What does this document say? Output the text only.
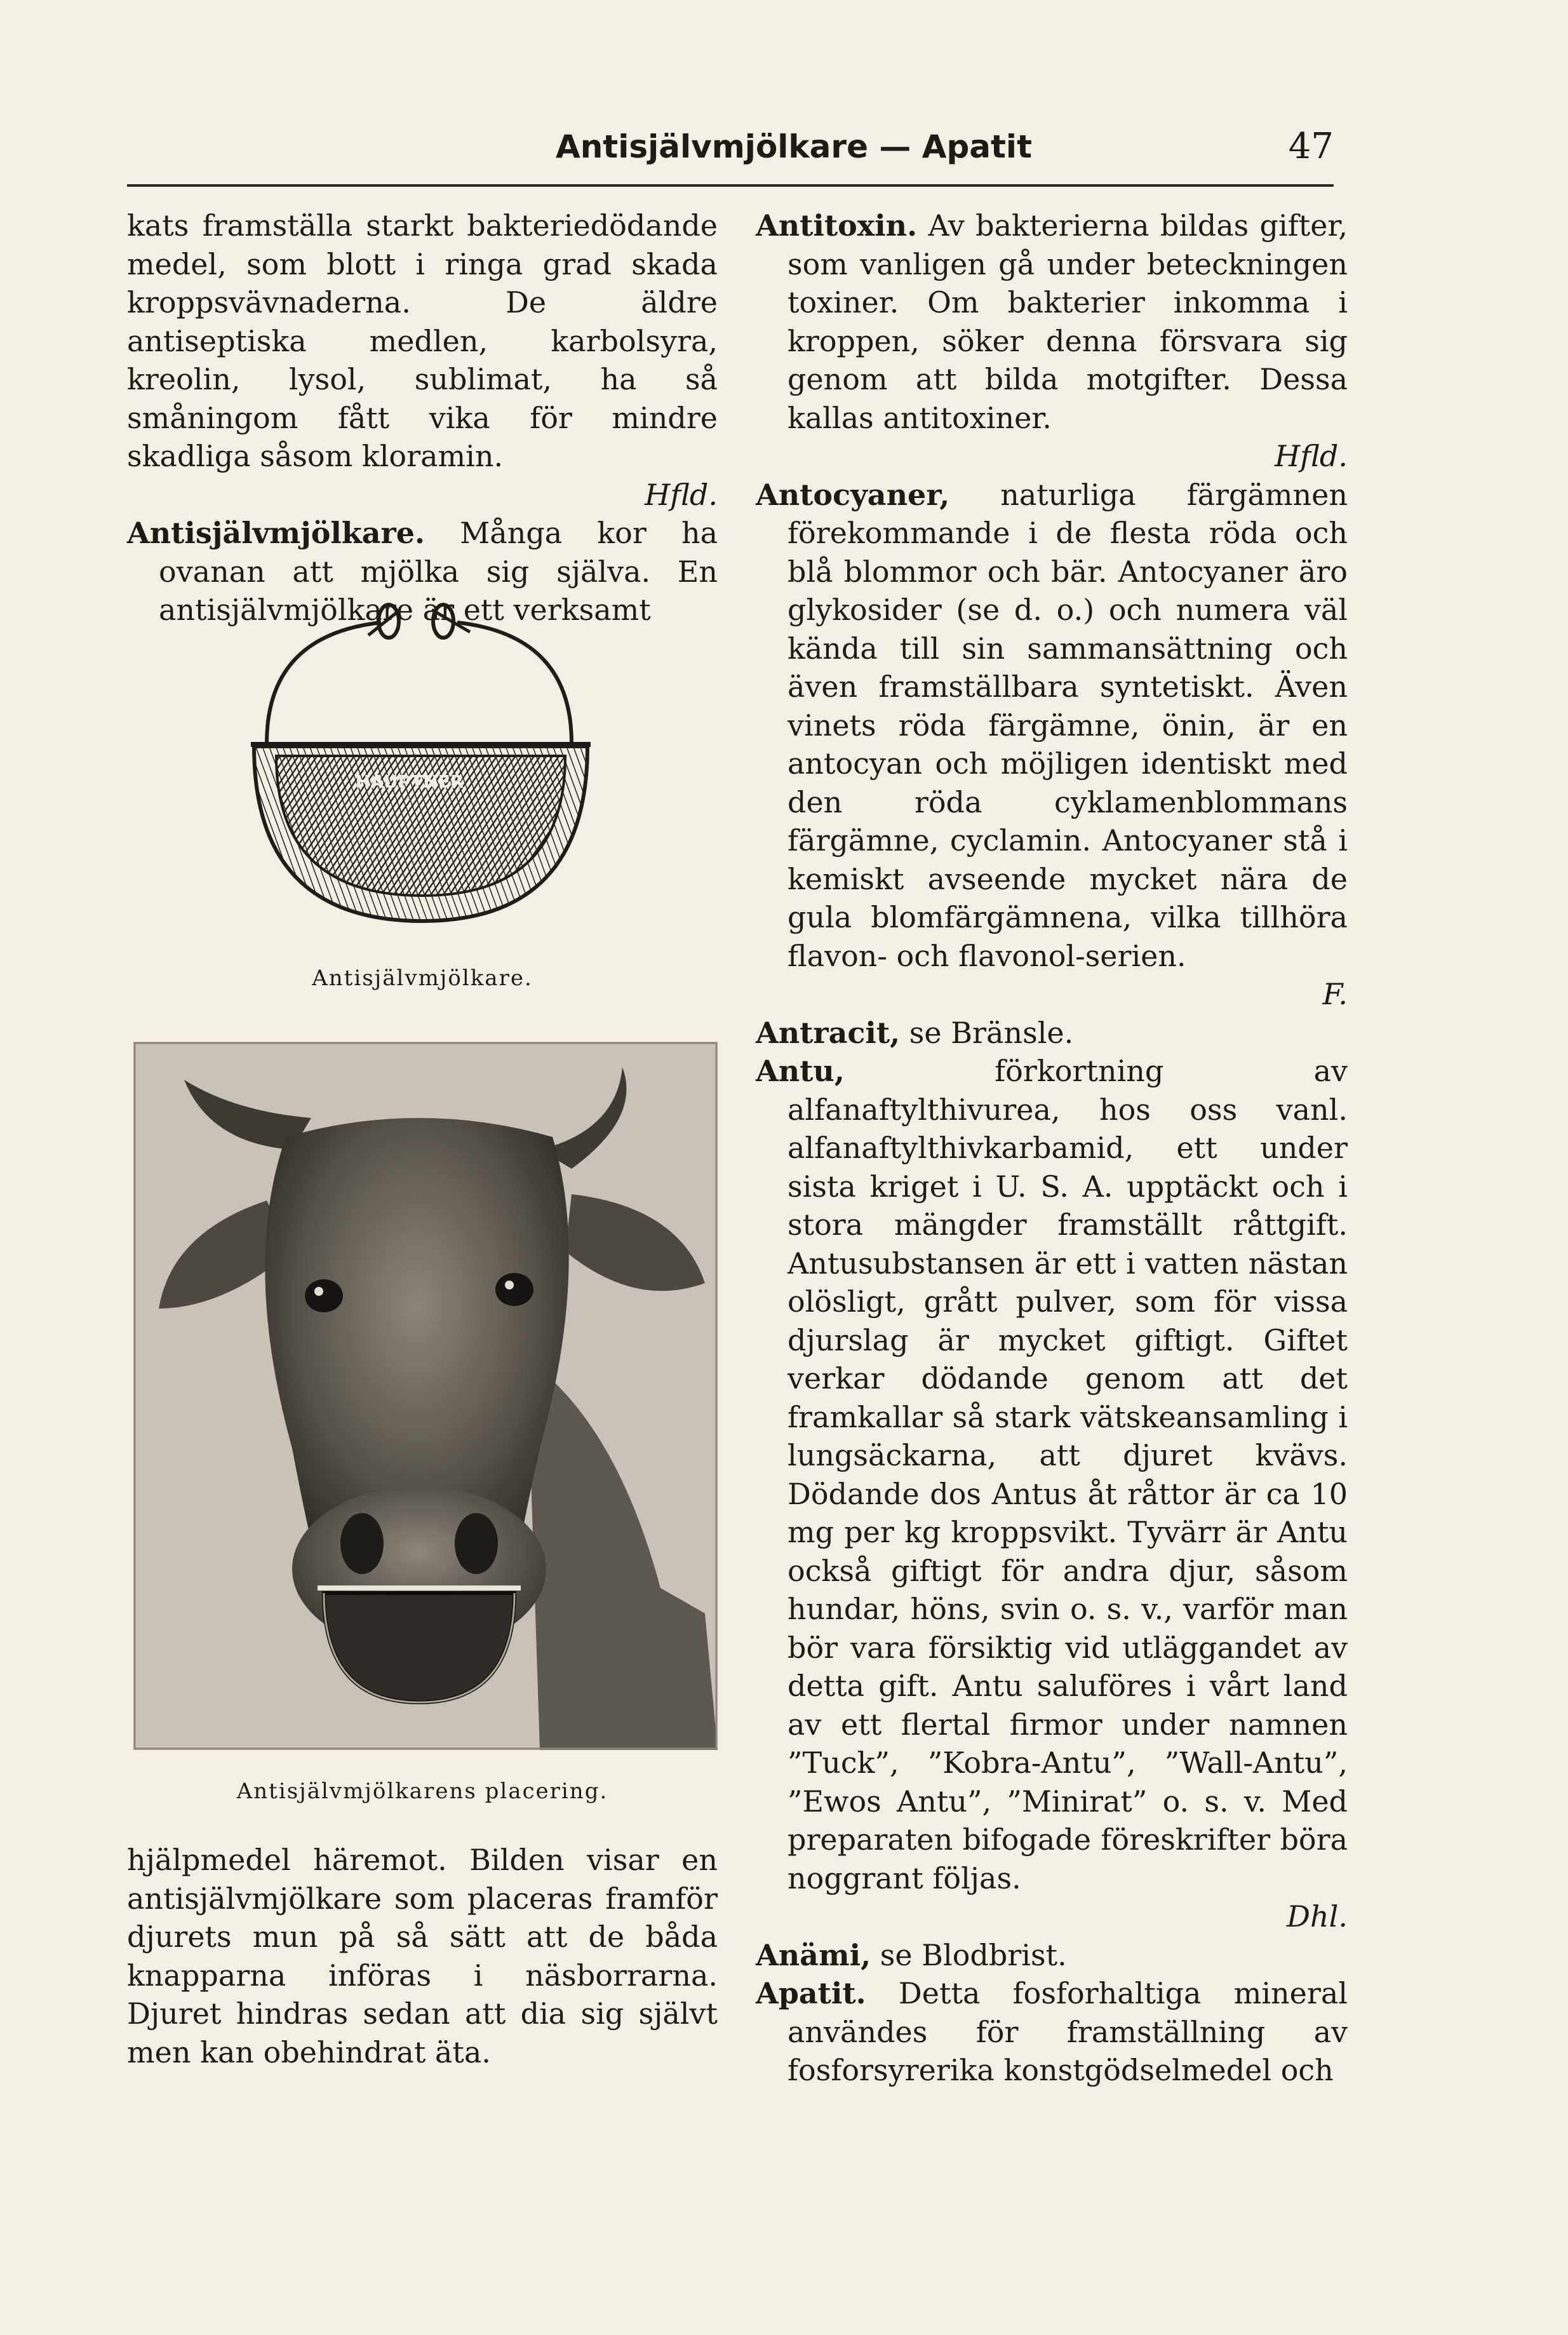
Antisjälvmjölkare — Apatit	47

kats framställa starkt bakteriedödande medel, som blott i ringa grad skada kroppsvävnaderna. De äldre antiseptiska medlen, karbolsyra, kreolin, lysol, sublimat, ha så småningom fått vika för mindre skadliga såsom kloramin.

Hfld.

Antisjälvmjölkare. Många kor ha ovanan att mjölka sig själva. En antisjälvmjölkare är ett verksamt

HAUPTNER
Antisjälvmjölkare.
Antisjälvmjölkarens placering.

hjälpmedel häremot. Bilden visar en antisjälvmjölkare som placeras framför djurets mun på så sätt att de båda knapparna införas i näsborrarna. Djuret hindras sedan att dia sig självt men kan obehindrat äta.

Antitoxin. Av bakterierna bildas gifter, som vanligen gå under beteckningen toxiner. Om bakterier inkomma i kroppen, söker denna försvara sig genom att bilda motgifter. Dessa kallas antitoxiner.

Hfld.

Antocyaner, naturliga färgämnen förekommande i de flesta röda och blå blommor och bär. Antocyaner äro glykosider (se d. o.) och numera väl kända till sin sammansättning och även framställbara syntetiskt. Även vinets röda färgämne, önin, är en antocyan och möjligen identiskt med den röda cyklamenblommans färgämne, cyclamin. Antocyaner stå i kemiskt avseende mycket nära de gula blomfärgämnena, vilka tillhöra flavon- och flavonol-serien.

F.

Antracit, se Bränsle.

Antu,	förkortning av alfanaftylthivurea, hos oss vanl. alfanaftylthivkarbamid, ett under sista kriget i U. S. A. upptäckt och i stora mängder framställt råttgift. Antusubstansen är ett i vatten nästan olösligt, grått pulver, som för vissa djurslag är mycket giftigt. Giftet verkar dödande genom att det framkallar så stark vätskeansamling i lungsäckarna, att djuret kvävs. Dödande dos Antus åt råttor är ca 10 mg per kg kroppsvikt. Tyvärr är Antu också giftigt för andra djur, såsom hundar, höns, svin o. s. v., varför man bör vara försiktig vid utläggandet av detta gift. Antu saluföres i vårt land av ett flertal firmor under namnen ”Tuck”, ”Kobra-Antu”, ”Wall-Antu”, ”Ewos Antu”, ”Minirat” o. s. v. Med preparaten bifogade föreskrifter böra noggrant följas.

Dhl.

Anämi, se Blodbrist.

Apatit. Detta fosforhaltiga mineral användes för framställning av fosforsyrerika konstgödselmedel och
